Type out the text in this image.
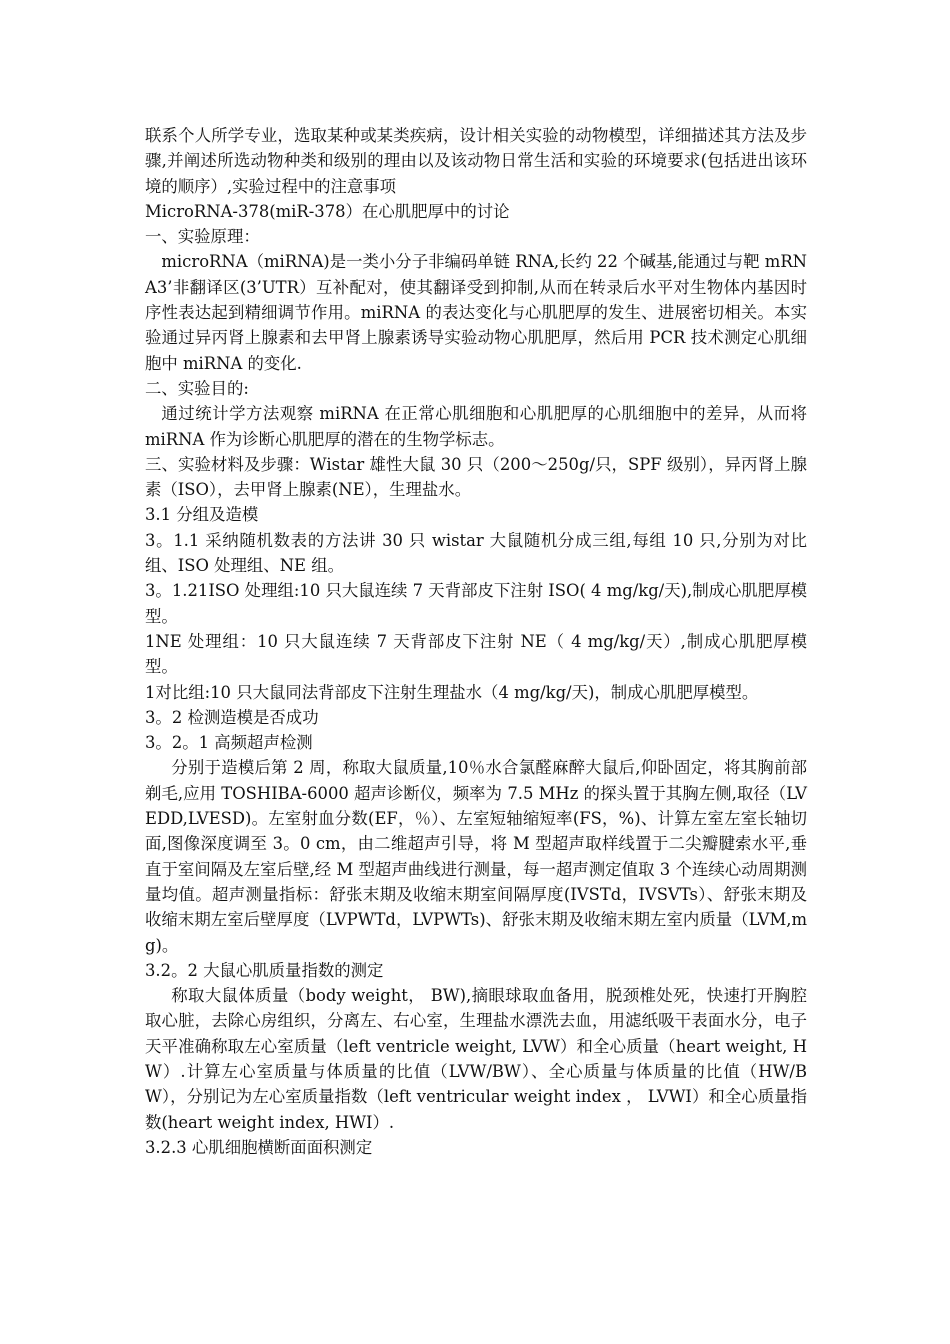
联系个人所学专业，选取某种或某类疾病，设计相关实验的动物模型，详细描述其方法及步骤,并阐述所选动物种类和级别的理由以及该动物日常生活和实验的环境要求(包括进出该环境的顺序）,实验过程中的注意事项

MicroRNA-378(miR-378）在心肌肥厚中的讨论

一、实验原理：

microRNA（miRNA)是一类小分子非编码单链 RNA,长约 22 个碱基,能通过与靶 mRNA3’非翻译区(3’UTR）互补配对，使其翻译受到抑制,从而在转录后水平对生物体内基因时序性表达起到精细调节作用。miRNA 的表达变化与心肌肥厚的发生、进展密切相关。本实验通过异丙肾上腺素和去甲肾上腺素诱导实验动物心肌肥厚，然后用 PCR 技术测定心肌细胞中 miRNA 的变化.

二、实验目的:

通过统计学方法观察 miRNA 在正常心肌细胞和心肌肥厚的心肌细胞中的差异，从而将 miRNA 作为诊断心肌肥厚的潜在的生物学标志。

三、实验材料及步骤：Wistar 雄性大鼠 30 只（200～250g/只，SPF 级别），异丙肾上腺素（ISO），去甲肾上腺素(NE），生理盐水。

3.1 分组及造模

3。1.1 采纳随机数表的方法讲 30 只 wistar 大鼠随机分成三组,每组 10 只,分别为对比组、ISO 处理组、NE 组。

3。1.21ISO 处理组:10 只大鼠连续 7 天背部皮下注射 ISO( 4 mg/kg/天),制成心肌肥厚模型。

1NE 处理组：10 只大鼠连续 7 天背部皮下注射 NE（ 4 mg/kg/天）,制成心肌肥厚模型。

1对比组:10 只大鼠同法背部皮下注射生理盐水（4 mg/kg/天)，制成心肌肥厚模型。

3。2 检测造模是否成功

3。2。1 高频超声检测

分别于造模后第 2 周，称取大鼠质量,10％水合氯醛麻醉大鼠后,仰卧固定，将其胸前部剃毛,应用 TOSHIBA-6000 超声诊断仪，频率为 7.5 MHz 的探头置于其胸左侧,取径（LVEDD,LVESD)。左室射血分数(EF，％）、左室短轴缩短率(FS，%)、计算左室左室长轴切面,图像深度调至 3。0 cm，由二维超声引导，将 M 型超声取样线置于二尖瓣腱索水平,垂直于室间隔及左室后壁,经 M 型超声曲线进行测量，每一超声测定值取 3 个连续心动周期测量均值。超声测量指标：舒张末期及收缩末期室间隔厚度(IVSTd，IVSVTs）、舒张末期及收缩末期左室后壁厚度（LVPWTd，LVPWTs)、舒张末期及收缩末期左室内质量（LVM,mg)。

3.2。2 大鼠心肌质量指数的测定

称取大鼠体质量（body weight， BW),摘眼球取血备用，脱颈椎处死，快速打开胸腔取心脏，去除心房组织，分离左、右心室，生理盐水漂洗去血，用滤纸吸干表面水分，电子天平准确称取左心室质量（left ventricle weight, LVW）和全心质量（heart weight, HW）.计算左心室质量与体质量的比值（LVW/BW）、全心质量与体质量的比值（HW/BW），分别记为左心室质量指数（left ventricular weight index ， LVWI）和全心质量指数(heart weight index, HWI）.

3.2.3 心肌细胞横断面面积测定
